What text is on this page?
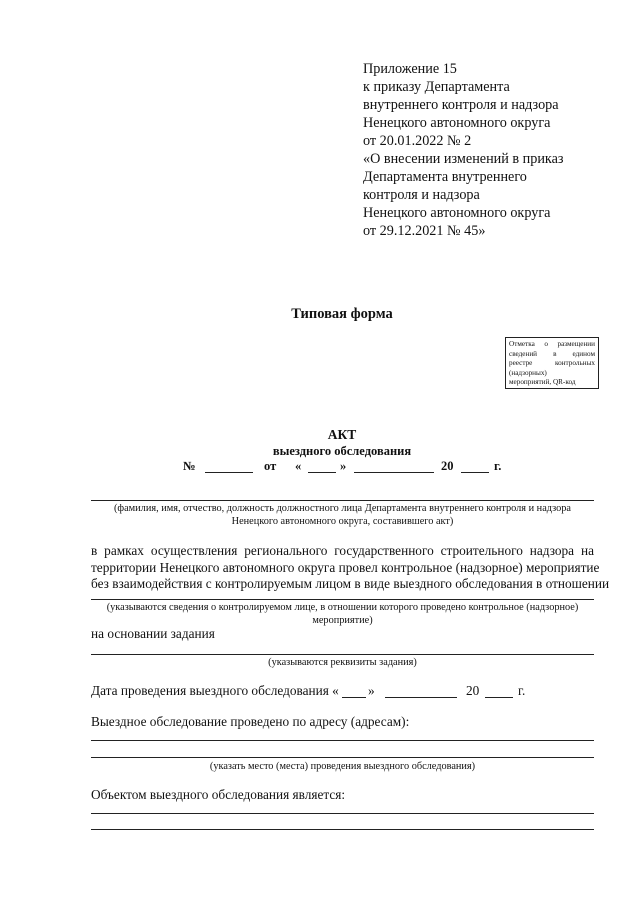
Приложение 15
к приказу Департамента
внутреннего контроля и надзора
Ненецкого автономного округа
от 20.01.2022 № 2
«О внесении изменений в приказ
Департамента внутреннего
контроля и надзора
Ненецкого автономного округа
от 29.12.2021 № 45»
Типовая форма
Отметка о размещении
сведений в едином
реестре контрольных
(надзорных)
мероприятий, QR-код
АКТ
выездного обследования
№	от «	»	20	г.
(фамилия, имя, отчество, должность должностного лица Департамента внутреннего контроля и надзора
Ненецкого автономного округа, составившего акт)
в рамках осуществления регионального государственного строительного надзора на
территории Ненецкого автономного округа провел контрольное (надзорное) мероприятие
без взаимодействия с контролируемым лицом в виде выездного обследования в отношении
(указываются сведения о контролируемом лице, в отношении которого проведено контрольное (надзорное)
мероприятие)
на основании задания
(указываются реквизиты задания)
Дата проведения выездного обследования « »	20	г.
Выездное обследование проведено по адресу (адресам):
(указать место (места) проведения выездного обследования)
Объектом выездного обследования является:
